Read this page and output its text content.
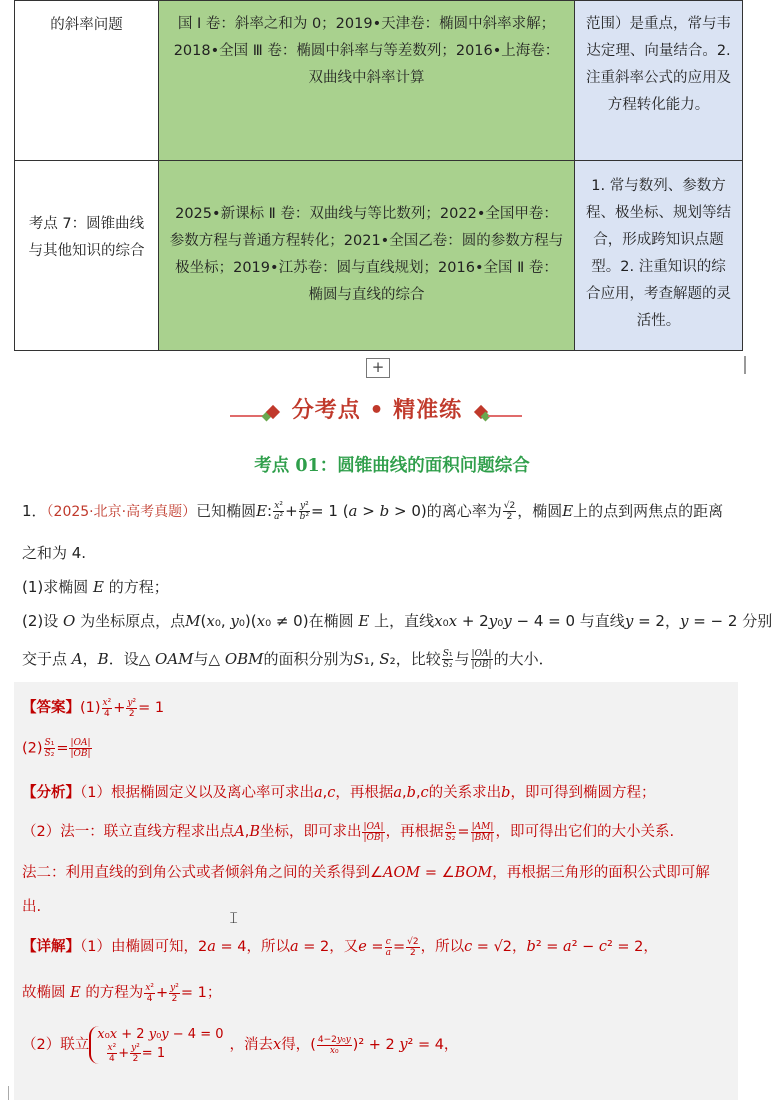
的斜率问题	国 Ⅰ 卷：斜率之和为 0；2019•天津卷：椭圆中斜率求解；2018•全国 Ⅲ 卷：椭圆中斜率与等差数列；2016•上海卷：双曲线中斜率计算	范围）是重点，常与韦达定理、向量结合。2. 注重斜率公式的应用及方程转化能力。

考点 7：圆锥曲线与其他知识的综合	2025•新课标 Ⅱ 卷：双曲线与等比数列；2022•全国甲卷：参数方程与普通方程转化；2021•全国乙卷：圆的参数方程与极坐标；2019•江苏卷：圆与直线规划；2016•全国 Ⅱ 卷：椭圆与直线的综合	1. 常与数列、参数方程、极坐标、规划等结合，形成跨知识点题型。2. 注重知识的综合应用，考查解题的灵活性。
+
分考点 • 精准练
考点 01：圆锥曲线的面积问题综合
1．（2025·北京·高考真题）已知椭圆E: $\frac{\text{x²}}{\text{a²}} + \frac{\text{y²}}{\text{b²}} = 1$ (a > b > 0)的离心率为 $\frac{√2}{2}$ ，椭圆E上的点到两焦点的距离
之和为 4.
(1)求椭圆 E 的方程；
(2)设 O 为坐标原点，点M(x₀, y₀)(x₀ ≠ 0)在椭圆 E 上，直线x₀x + 2y₀y − 4 = 0 与直线y = 2，y = − 2 分别
交于点 A，B．设△ OAM与△ OBM的面积分别为S₁, S₂，比较 $\frac{\text{S₁}}{\text{S₂}}$ 与 $\frac{|OA|}{|OB|}$ 的大小．
【答案】$(1) \frac{\text{x²}}{4} + \frac{\text{y²}}{2} = 1$
$(2) \frac{\text{S₁}}{\text{S₂}} = \frac{|OA|}{|OB|}$
【分析】（1）根据椭圆定义以及离心率可求出a,c，再根据a,b,c的关系求出b，即可得到椭圆方程；
（2）法一：联立直线方程求出点A,B坐标，即可求出 $\frac{|OA|}{|OB|}$ ，再根据 $\frac{\text{S₁}}{\text{S₂}} = \frac{|AM|}{|BM|}$ ，即可得出它们的大小关系.
法二：利用直线的到角公式或者倾斜角之间的关系得到∠AOM = ∠BOM，再根据三角形的面积公式即可解
出.
𝙸
【详解】（1）由椭圆可知，2a = 4，所以a = 2，又$e = \frac{c}{a} = \frac{√2}{2}$ ，所以c = √2，b² = a² − c² = 2，
故椭圆 E 的方程为 $\frac{\text{x²}}{4} + \frac{\text{y²}}{2} = 1$；
（2）联立x₀x + 2 y₀y − 4 = 0

$\frac{\text{x²}}{4} + \frac{\text{y²}}{2} = 1$，消去x得，( $\frac{\text{4−2y₀y}}{\text{x₀}} )^2 + 2$ y² = 4，
